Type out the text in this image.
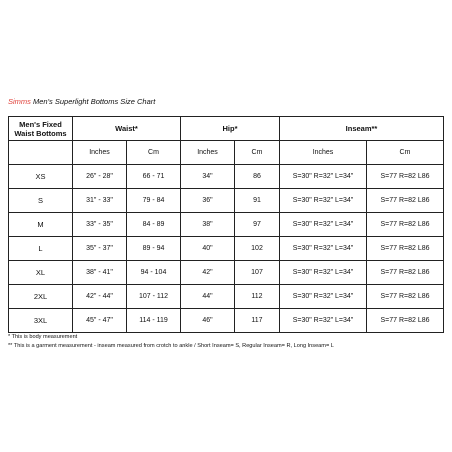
Simms Men's Superlight Bottoms Size Chart
Men's Fixed
Waist Bottoms	Waist*		Hip*		Inseam**	
	Inches	Cm	Inches	Cm	Inches	Cm
XS	26" - 28"	66 - 71	34"	86	S=30" R=32" L=34"	S=77 R=82 L86
S	31" - 33"	79 - 84	36"	91	S=30" R=32" L=34"	S=77 R=82 L86
M	33" - 35"	84 - 89	38"	97	S=30" R=32" L=34"	S=77 R=82 L86
L	35" - 37"	89 - 94	40"	102	S=30" R=32" L=34"	S=77 R=82 L86
XL	38" - 41"	94 - 104	42"	107	S=30" R=32" L=34"	S=77 R=82 L86
2XL	42" - 44"	107 - 112	44"	112	S=30" R=32" L=34"	S=77 R=82 L86
3XL	45" - 47"	114 - 119	46"	117	S=30" R=32" L=34"	S=77 R=82 L86
* This is body measurement
** This is a garment measurement - inseam measured from crotch to ankle / Short Inseam= S, Regular Inseam= R, Long Inseam= L
